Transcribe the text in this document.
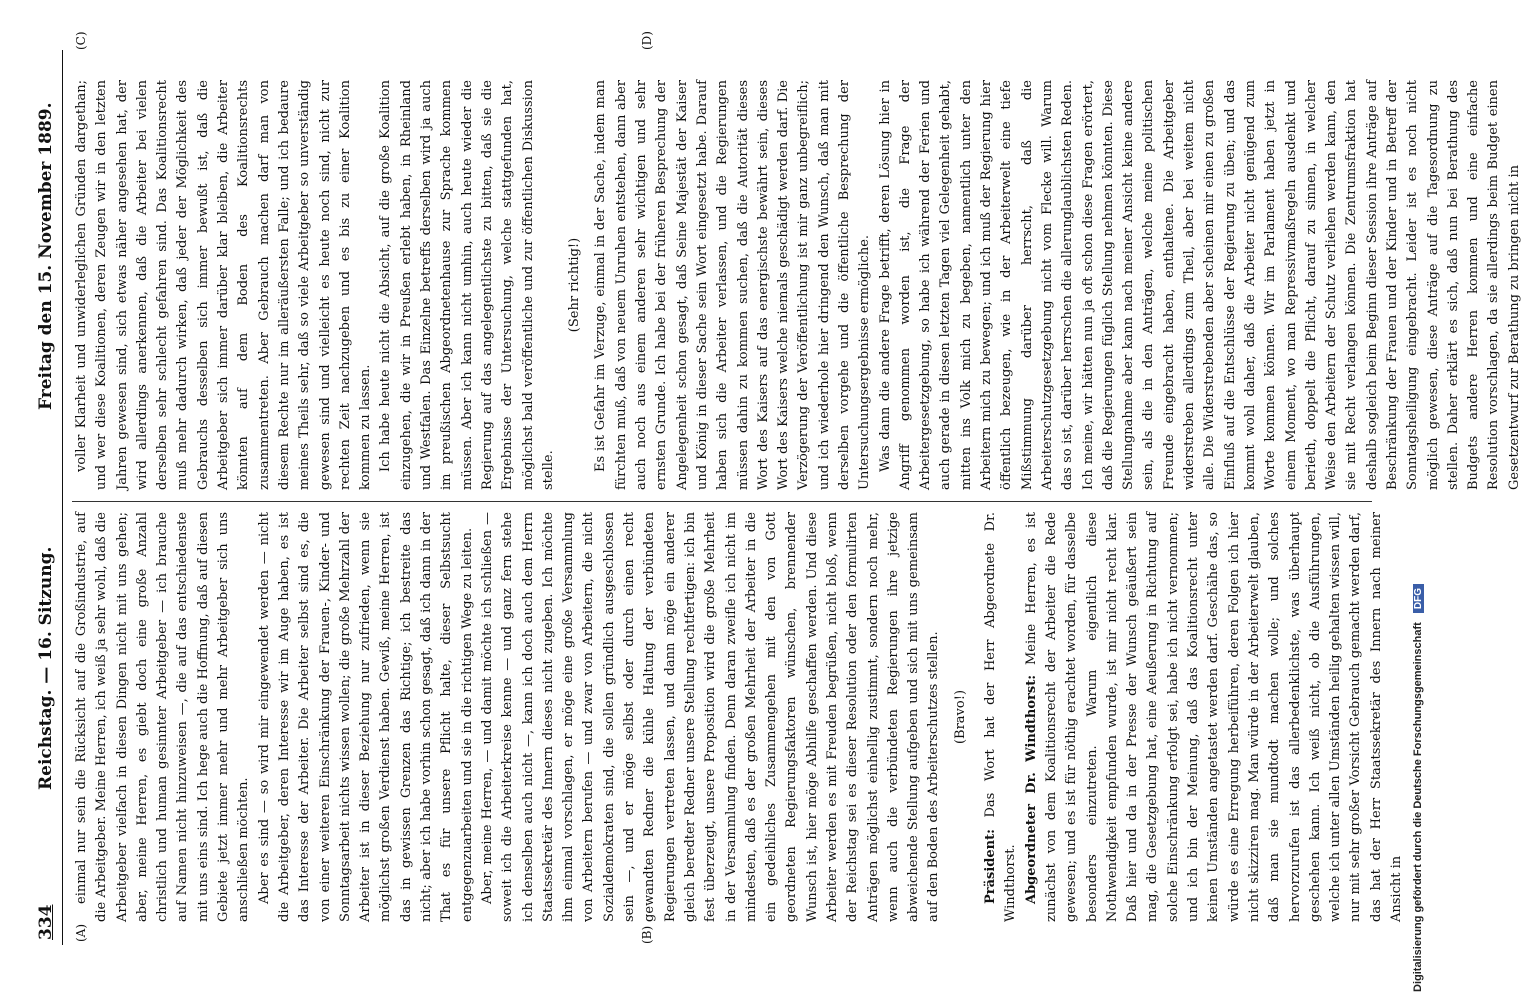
334
Reichstag. — 16. Sitzung.
Freitag den 15. November 1889.
(A)	(B)
(C)	(D)

einmal nur sein die Rücksicht auf die Großindustrie, auf die Arbeitgeber. Meine Herren, ich weiß ja sehr wohl, daß die Arbeitgeber vielfach in diesen Dingen nicht mit uns gehen; aber, meine Herren, es giebt doch eine große Anzahl christlich und human gesinnter Arbeitgeber — ich brauche auf Namen nicht hinzuweisen —, die auf das entschiedenste mit uns eins sind. Ich hege auch die Hoffnung, daß auf diesen Gebiete jetzt immer mehr und mehr Arbeitgeber sich uns anschließen möchten. Aber es sind — so wird mir eingewendet werden — nicht die Arbeitgeber, deren Interesse wir im Auge haben, es ist das Interesse der Arbeiter. Die Arbeiter selbst sind es, die von einer weiteren Einschränkung der Frauen-, Kinder- und Sonntagsarbeit nichts wissen wollen; die große Mehrzahl der Arbeiter ist in dieser Beziehung nur zufrieden, wenn sie möglichst großen Verdienst haben. Gewiß, meine Herren, ist das in gewissen Grenzen das Richtige; ich bestreite das nicht; aber ich habe vorhin schon gesagt, daß ich dann in der That es für unsere Pflicht halte, dieser Selbstsucht entgegenzuarbeiten und sie in die richtigen Wege zu leiten. Aber, meine Herren, — und damit möchte ich schließen — soweit ich die Arbeiterkreise kenne — und ganz fern stehe ich denselben auch nicht —, kann ich doch auch dem Herrn Staatssekretär des Innern dieses nicht zugeben. Ich möchte ihm einmal vorschlagen, er möge eine große Versammlung von Arbeitern berufen — und zwar von Arbeitern, die nicht Sozialdemokraten sind, die sollen gründlich ausgeschlossen sein —, und er möge selbst oder durch einen recht gewandten Redner die kühle Haltung der verbündeten Regierungen vertreten lassen, und dann möge ein anderer gleich beredter Redner unsere Stellung rechtfertigen: ich bin fest überzeugt, unsere Proposition wird die große Mehrheit in der Versammlung finden. Denn daran zweifle ich nicht im mindesten, daß es der großen Mehrheit der Arbeiter in die ein gedeihliches Zusammengehen mit den von Gott geordneten Regierungsfaktoren wünschen, brennender Wunsch ist, hier möge Abhilfe geschaffen werden. Und diese Arbeiter werden es mit Freuden begrüßen, nicht bloß, wenn der Reichstag sei es dieser Resolution oder den formulirten Anträgen möglichst einhellig zustimmt, sondern noch mehr, wenn auch die verbündeten Regierungen ihre jetzige abweichende Stellung aufgeben und sich mit uns gemeinsam auf den Boden des Arbeiterschutzes stellen. (Bravo!)

Präsident: Das Wort hat der Herr Abgeordnete Dr. Windthorst. Abgeordneter Dr. Windthorst: Meine Herren, es ist zunächst von dem Koalitionsrecht der Arbeiter die Rede gewesen; und es ist für nöthig erachtet worden, für dasselbe besonders einzutreten. Warum eigentlich diese Nothwendigkeit empfunden wurde, ist mir nicht recht klar. Daß hier und da in der Presse der Wunsch geäußert sein mag, die Gesetzgebung hat, eine Aeußerung in Richtung auf solche Einschränkung erfolgt sei, habe ich nicht vernommen; und ich bin der Meinung, daß das Koalitionsrecht unter keinen Umständen angetastet werden darf. Geschähe das, so würde es eine Erregung herbeiführen, deren Folgen ich hier nicht skizziren mag. Man würde in der Arbeiterwelt glauben, daß man sie mundtodt machen wolle; und solches hervorzurufen ist das allerbedenklichste, was überhaupt geschehen kann. Ich weiß nicht, ob die Ausführungen, welche ich unter allen Umständen heilig gehalten wissen will, nur mit sehr großer Vorsicht Gebrauch gemacht werden darf, das hat der Herr Staatssekretär des Innern nach meiner Ansicht in

voller Klarheit und unwiderleglichen Gründen dargethan; und wer diese Koalitionen, deren Zeugen wir in den letzten Jahren gewesen sind, sich etwas näher angesehen hat, der wird allerdings anerkennen, daß die Arbeiter bei vielen derselben sehr schlecht gefahren sind. Das Koalitionsrecht muß mehr dadurch wirken, daß jeder der Möglichkeit des Gebrauchs desselben sich immer bewußt ist, daß die Arbeitgeber sich immer darüber klar bleiben, die Arbeiter könnten auf dem Boden des Koalitionsrechts zusammentreten. Aber Gebrauch machen darf man von diesem Rechte nur im alleräußersten Falle; und ich bedaure meines Theils sehr, daß so viele Arbeitgeber so unverständig gewesen sind und vielleicht es heute noch sind, nicht zur rechten Zeit nachzugeben und es bis zu einer Koalition kommen zu lassen. Ich habe heute nicht die Absicht, auf die große Koalition einzugehen, die wir in Preußen erlebt haben, in Rheinland und Westfalen. Das Einzelne betreffs derselben wird ja auch im preußischen Abgeordnetenhause zur Sprache kommen müssen. Aber ich kann nicht umhin, auch heute wieder die Regierung auf das angelegentlichste zu bitten, daß sie die Ergebnisse der Untersuchung, welche stattgefunden hat, möglichst bald veröffentliche und zur öffentlichen Diskussion stelle.

(Sehr richtig!) Es ist Gefahr im Verzuge, einmal in der Sache, indem man fürchten muß, daß von neuem Unruhen entstehen, dann aber auch noch aus einem anderen sehr wichtigen und sehr ernsten Grunde. Ich habe bei der früheren Besprechung der Angelegenheit schon gesagt, daß Seine Majestät der Kaiser und König in dieser Sache sein Wort eingesetzt habe. Darauf haben sich die Arbeiter verlassen, und die Regierungen müssen dahin zu kommen suchen, daß die Autorität dieses Wort des Kaisers auf das energischste bewährt sein, dieses Wort des Kaisers welche niemals geschädigt werden darf. Die Verzögerung der Veröffentlichung ist mir ganz unbegreiflich; und ich wiederhole hier dringend den Wunsch, daß man mit derselben vorgehe und die öffentliche Besprechung der Untersuchungsergebnisse ermögliche. Was dann die andere Frage betrifft, deren Lösung hier in Angriff genommen worden ist, die Frage der Arbeitergesetzgebung, so habe ich während der Ferien und auch gerade in diesen letzten Tagen viel Gelegenheit gehabt, mitten ins Volk mich zu begeben, namentlich unter den Arbeitern mich zu bewegen; und ich muß der Regierung hier öffentlich bezeugen, wie in der Arbeiterwelt eine tiefe Mißstimmung darüber herrscht, daß die Arbeiterschutzgesetzgebung nicht vom Flecke will. Warum das so ist, darüber herrschen die allerunglaublichsten Reden. Ich meine, wir hätten nun ja oft schon diese Fragen erörtert, daß die Regierungen füglich Stellung nehmen könnten. Diese Stellungnahme aber kann nach meiner Ansicht keine andere sein, als die in den Anträgen, welche meine politischen Freunde eingebracht haben, enthaltene. Die Arbeitgeber widerstreben allerdings zum Theil, aber bei weitem nicht alle. Die Widerstrebenden aber scheinen mir einen zu großen Einfluß auf die Entschlüsse der Regierung zu üben; und das kommt wohl daher, daß die Arbeiter nicht genügend zum Worte kommen können. Wir im Parlament haben jetzt in einem Moment, wo man Repressivmaßregeln ausdenkt und berieth, doppelt die Pflicht, darauf zu sinnen, in welcher Weise den Arbeitern der Schutz verliehen werden kann, den sie mit Recht verlangen können. Die Zentrumsfraktion hat deshalb sogleich beim Beginn dieser Session ihre Anträge auf Beschränkung der Frauen und der Kinder und in Betreff der Sonntagsheiligung eingebracht. Leider ist es noch nicht möglich gewesen, diese Anträge auf die Tagesordnung zu stellen. Daher erklärt es sich, daß nun bei Berathung des Budgets andere Herren kommen und eine einfache Resolution vorschlagen, da sie allerdings beim Budget einen Gesetzentwurf zur Berathung zu bringen nicht in

Digitalisierung gefördert durch die Deutsche Forschungsgemeinschaft DFG
